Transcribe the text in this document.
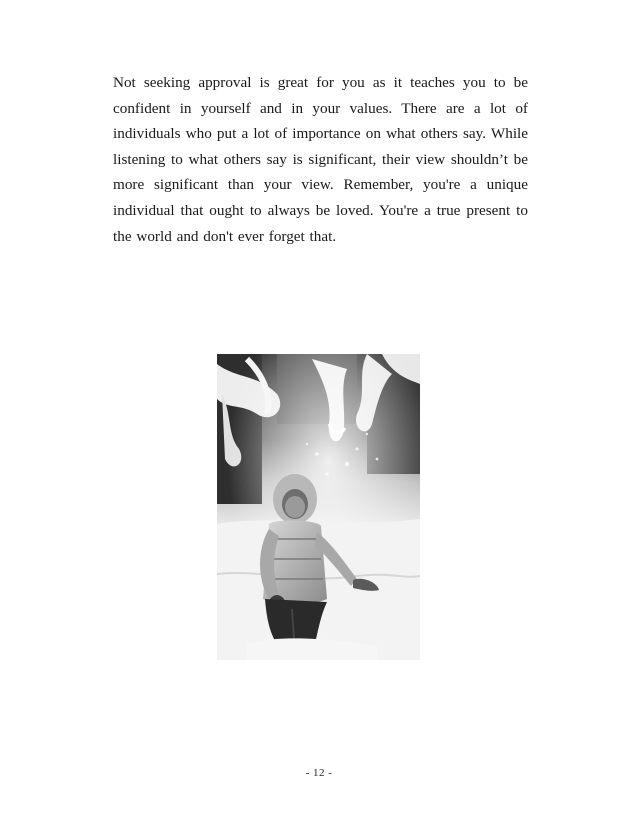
Not seeking approval is great for you as it teaches you to be confident in yourself and in your values. There are a lot of individuals who put a lot of importance on what others say. While listening to what others say is significant, their view shouldn’t be more significant than your view. Remember, you're a unique individual that ought to always be loved. You're a true present to the world and don't ever forget that.

- 12 -
